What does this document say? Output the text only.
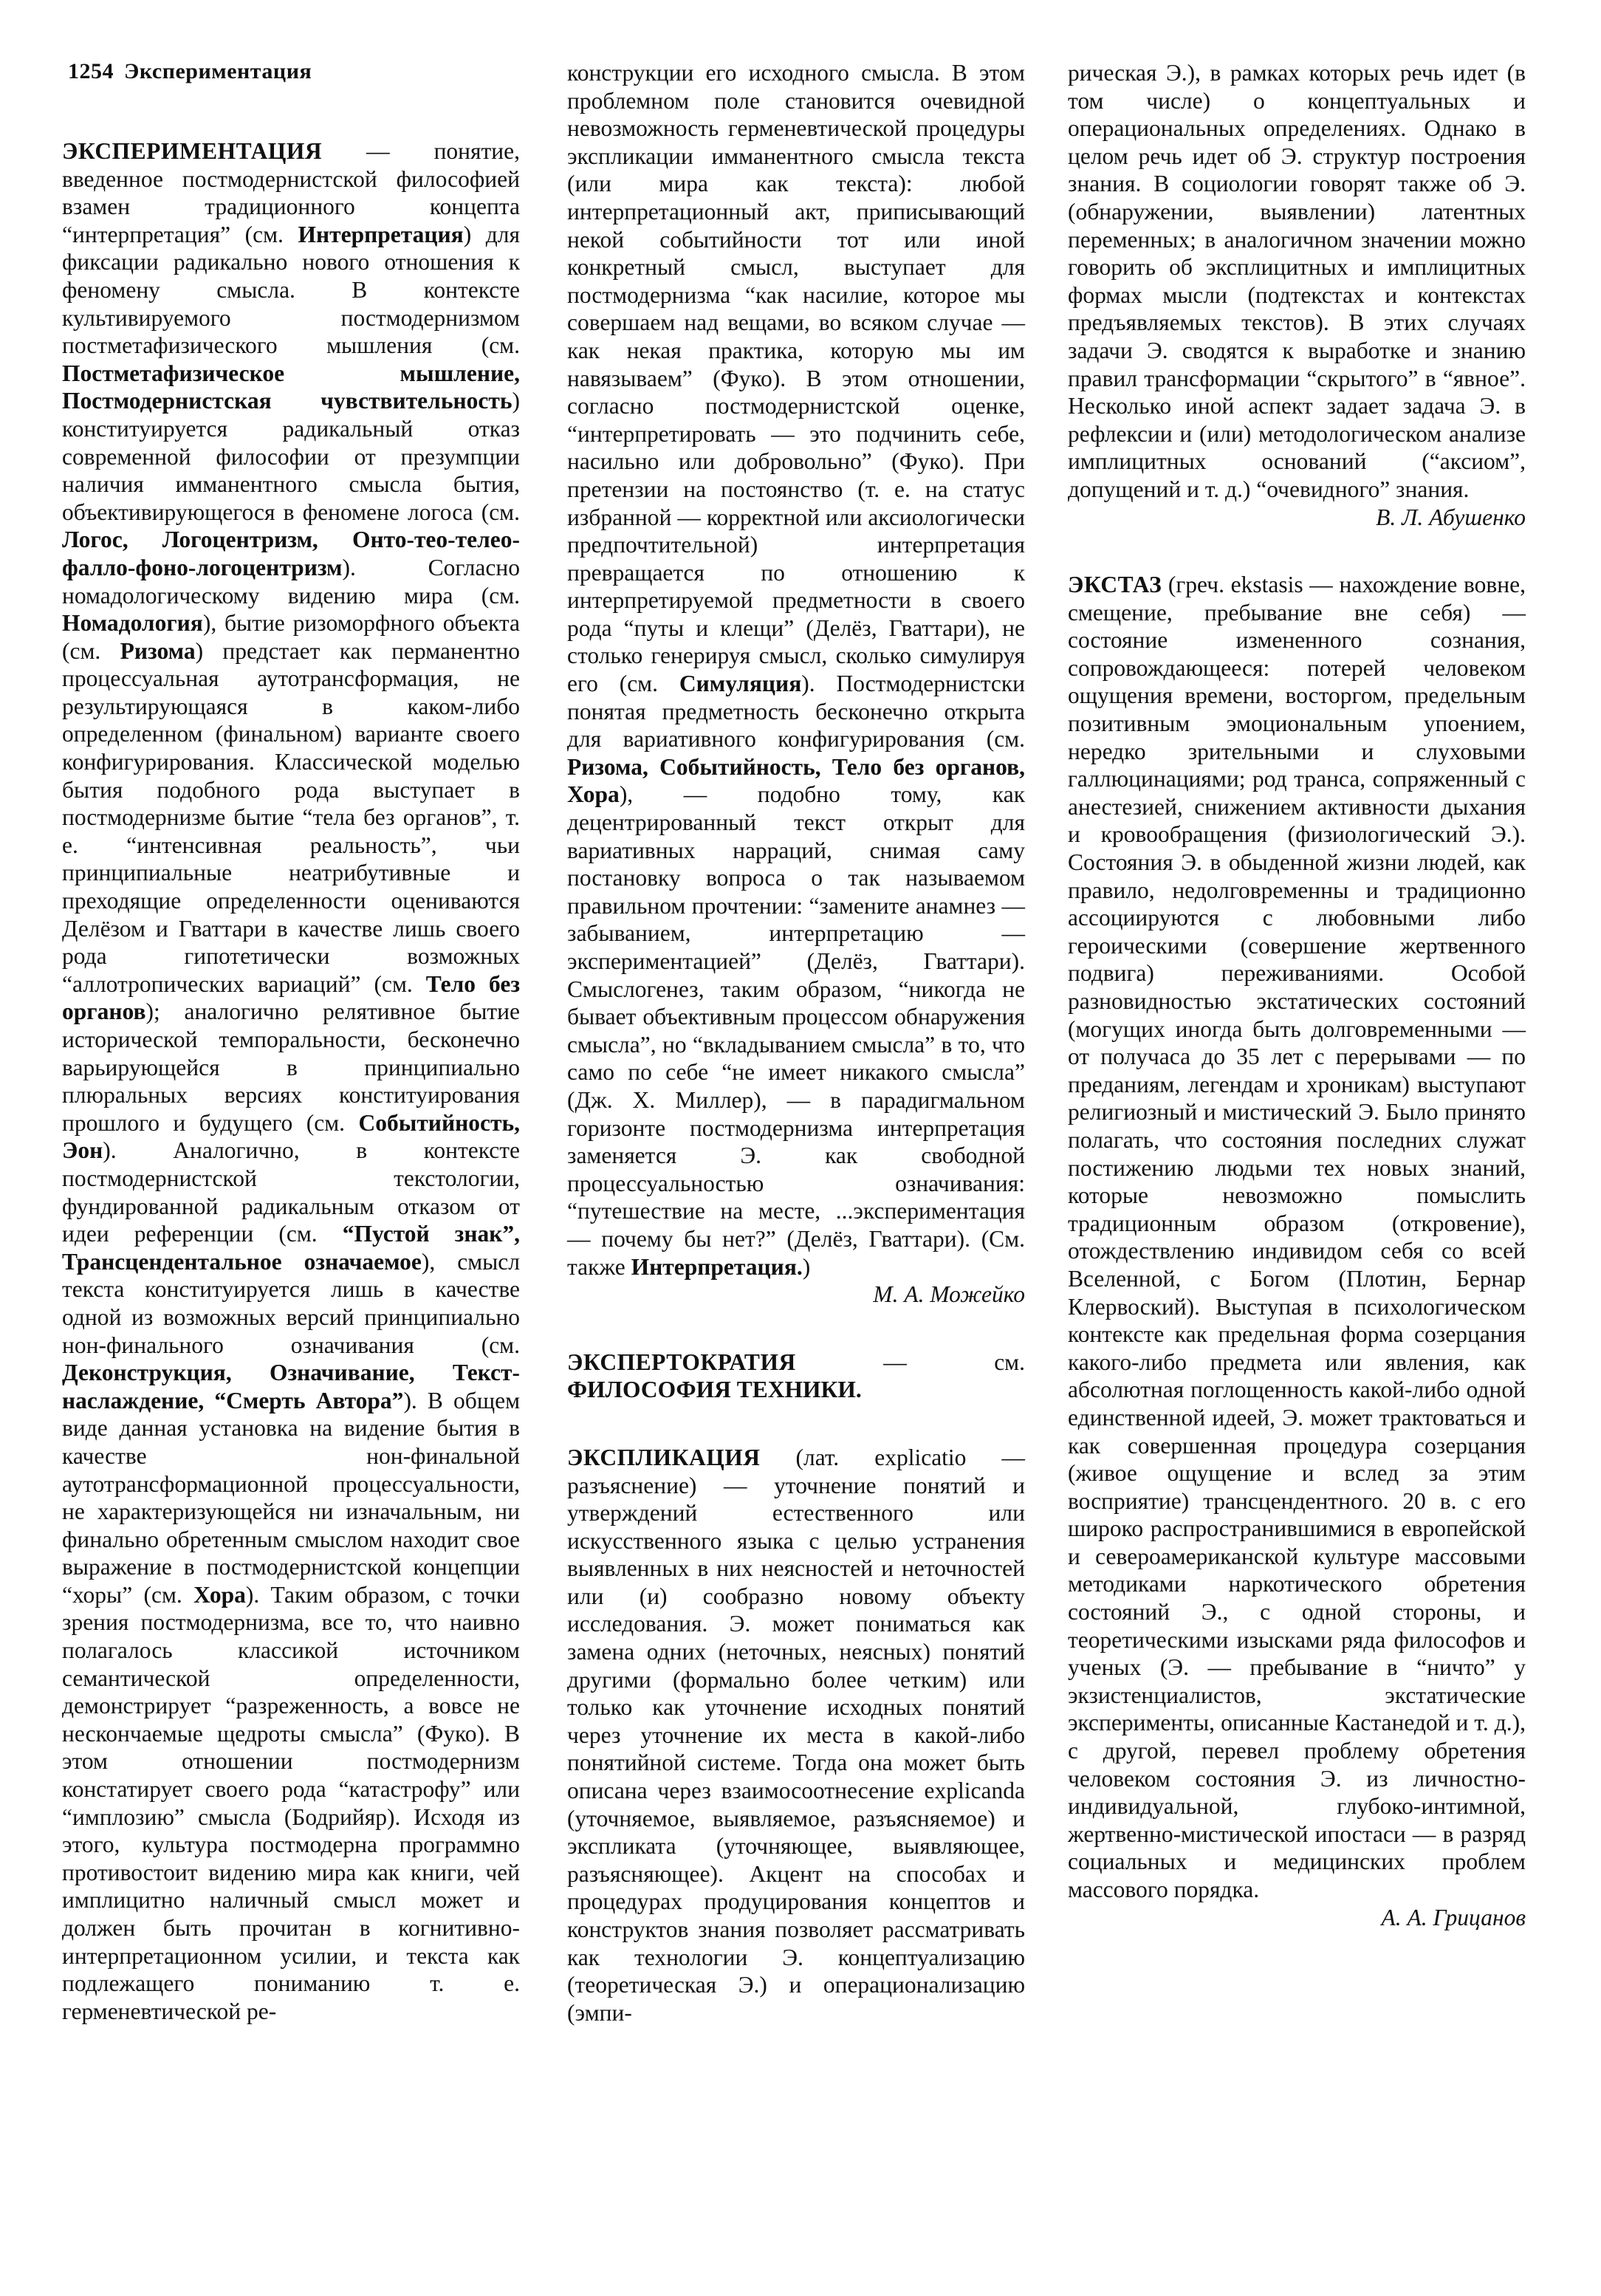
1254 Экспериментация

ЭКСПЕРИМЕНТАЦИЯ — понятие, введенное постмодернистской философией взамен традиционного концепта “интерпретация” (см. Интерпретация) для фиксации радикально нового отношения к феномену смысла. В контексте культивируемого постмодернизмом постметафизического мышления (см. Постметафизическое мышление, Постмодернистская чувствительность) конституируется радикальный отказ современной философии от презумпции наличия имманентного смысла бытия, объективирующегося в феномене логоса (см. Логос, Логоцентризм, Онто-тео-телео-фалло-фоно-логоцентризм). Согласно номадологическому видению мира (см. Номадология), бытие ризоморфного объекта (см. Ризома) предстает как перманентно процессуальная аутотрансформация, не результирующаяся в каком-либо определенном (финальном) варианте своего конфигурирования. Классической моделью бытия подобного рода выступает в постмодернизме бытие “тела без органов”, т. е. “интенсивная реальность”, чьи принципиальные неатрибутивные и преходящие определенности оцениваются Делёзом и Гваттари в качестве лишь своего рода гипотетически возможных “аллотропических вариаций” (см. Тело без органов); аналогично релятивное бытие исторической темпоральности, бесконечно варьирующейся в принципиально плюральных версиях конституирования прошлого и будущего (см. Событийность, Эон). Аналогично, в контексте постмодернистской текстологии, фундированной радикальным отказом от идеи референции (см. “Пустой знак”, Трансцендентальное означаемое), смысл текста конституируется лишь в качестве одной из возможных версий принципиально нон-финального означивания (см. Деконструкция, Означивание, Текст-наслаждение, “Смерть Автора”). В общем виде данная установка на видение бытия в качестве нон-финальной аутотрансформационной процессуальности, не характеризующейся ни изначальным, ни финально обретенным смыслом находит свое выражение в постмодернистской концепции “хоры” (см. Хора). Таким образом, с точки зрения постмодернизма, все то, что наивно полагалось классикой источником семантической определенности, демонстрирует “разреженность, а вовсе не нескончаемые щедроты смысла” (Фуко). В этом отношении постмодернизм констатирует своего рода “катастрофу” или “имплозию” смысла (Бодрийяр). Исходя из этого, культура постмодерна программно противостоит видению мира как книги, чей имплицитно наличный смысл может и должен быть прочитан в когнитивно-интерпретационном усилии, и текста как подлежащего пониманию т. е. герменевтической ре-

конструкции его исходного смысла. В этом проблемном поле становится очевидной невозможность герменевтической процедуры экспликации имманентного смысла текста (или мира как текста): любой интерпретационный акт, приписывающий некой событийности тот или иной конкретный смысл, выступает для постмодернизма “как насилие, которое мы совершаем над вещами, во всяком случае — как некая практика, которую мы им навязываем” (Фуко). В этом отношении, согласно постмодернистской оценке, “интерпретировать — это подчинить себе, насильно или добровольно” (Фуко). При претензии на постоянство (т. е. на статус избранной — корректной или аксиологически предпочтительной) интерпретация превращается по отношению к интерпретируемой предметности в своего рода “путы и клещи” (Делёз, Гваттари), не столько генерируя смысл, сколько симулируя его (см. Симуляция). Постмодернистски понятая предметность бесконечно открыта для вариативного конфигурирования (см. Ризома, Событийность, Тело без органов, Хора), — подобно тому, как децентрированный текст открыт для вариативных нарраций, снимая саму постановку вопроса о так называемом правильном прочтении: “замените анамнез — забыванием, интерпретацию — экспериментацией” (Делёз, Гваттари). Смыслогенез, таким образом, “никогда не бывает объективным процессом обнаружения смысла”, но “вкладыванием смысла” в то, что само по себе “не имеет никакого смысла” (Дж. Х. Миллер), — в парадигмальном горизонте постмодернизма интерпретация заменяется Э. как свободной процессуальностью означивания: “путешествие на месте, ...экспериментация — почему бы нет?” (Делёз, Гваттари). (См. также Интерпретация.)

М. А. Можейко

ЭКСПЕРТОКРАТИЯ — см. ФИЛОСОФИЯ ТЕХНИКИ.

ЭКСПЛИКАЦИЯ (лат. explicatio — разъяснение) — уточнение понятий и утверждений естественного или искусственного языка с целью устранения выявленных в них неясностей и неточностей или (и) сообразно новому объекту исследования. Э. может пониматься как замена одних (неточных, неясных) понятий другими (формально более четким) или только как уточнение исходных понятий через уточнение их места в какой-либо понятийной системе. Тогда она может быть описана через взаимосоотнесение explicanda (уточняемое, выявляемое, разъясняемое) и экспликата (уточняющее, выявляющее, разъясняющее). Акцент на способах и процедурах продуцирования концептов и конструктов знания позволяет рассматривать как технологии Э. концептуализацию (теоретическая Э.) и операционализацию (эмпи-

рическая Э.), в рамках которых речь идет (в том числе) о концептуальных и операциональных определениях. Однако в целом речь идет об Э. структур построения знания. В социологии говорят также об Э. (обнаружении, выявлении) латентных переменных; в аналогичном значении можно говорить об эксплицитных и имплицитных формах мысли (подтекстах и контекстах предъявляемых текстов). В этих случаях задачи Э. сводятся к выработке и знанию правил трансформации “скрытого” в “явное”. Несколько иной аспект задает задача Э. в рефлексии и (или) методологическом анализе имплицитных оснований (“аксиом”, допущений и т. д.) “очевидного” знания.

В. Л. Абушенко

ЭКСТАЗ (греч. ekstasis — нахождение вовне, смещение, пребывание вне себя) — состояние измененного сознания, сопровождающееся: потерей человеком ощущения времени, восторгом, предельным позитивным эмоциональным упоением, нередко зрительными и слуховыми галлюцинациями; род транса, сопряженный с анестезией, снижением активности дыхания и кровообращения (физиологический Э.). Состояния Э. в обыденной жизни людей, как правило, недолговременны и традиционно ассоциируются с любовными либо героическими (совершение жертвенного подвига) переживаниями. Особой разновидностью экстатических состояний (могущих иногда быть долговременными — от получаса до 35 лет с перерывами — по преданиям, легендам и хроникам) выступают религиозный и мистический Э. Было принято полагать, что состояния последних служат постижению людьми тех новых знаний, которые невозможно помыслить традиционным образом (откровение), отождествлению индивидом себя со всей Вселенной, с Богом (Плотин, Бернар Клервоский). Выступая в психологическом контексте как предельная форма созерцания какого-либо предмета или явления, как абсолютная поглощенность какой-либо одной единственной идеей, Э. может трактоваться и как совершенная процедура созерцания (живое ощущение и вслед за этим восприятие) трансцендентного. 20 в. с его широко распространившимися в европейской и североамериканской культуре массовыми методиками наркотического обретения состояний Э., с одной стороны, и теоретическими изысками ряда философов и ученых (Э. — пребывание в “ничто” у экзистенциалистов, экстатические эксперименты, описанные Кастанедой и т. д.), с другой, перевел проблему обретения человеком состояния Э. из личностно-индивидуальной, глубоко-интимной, жертвенно-мистической ипостаси — в разряд социальных и медицинских проблем массового порядка.

А. А. Грицанов
